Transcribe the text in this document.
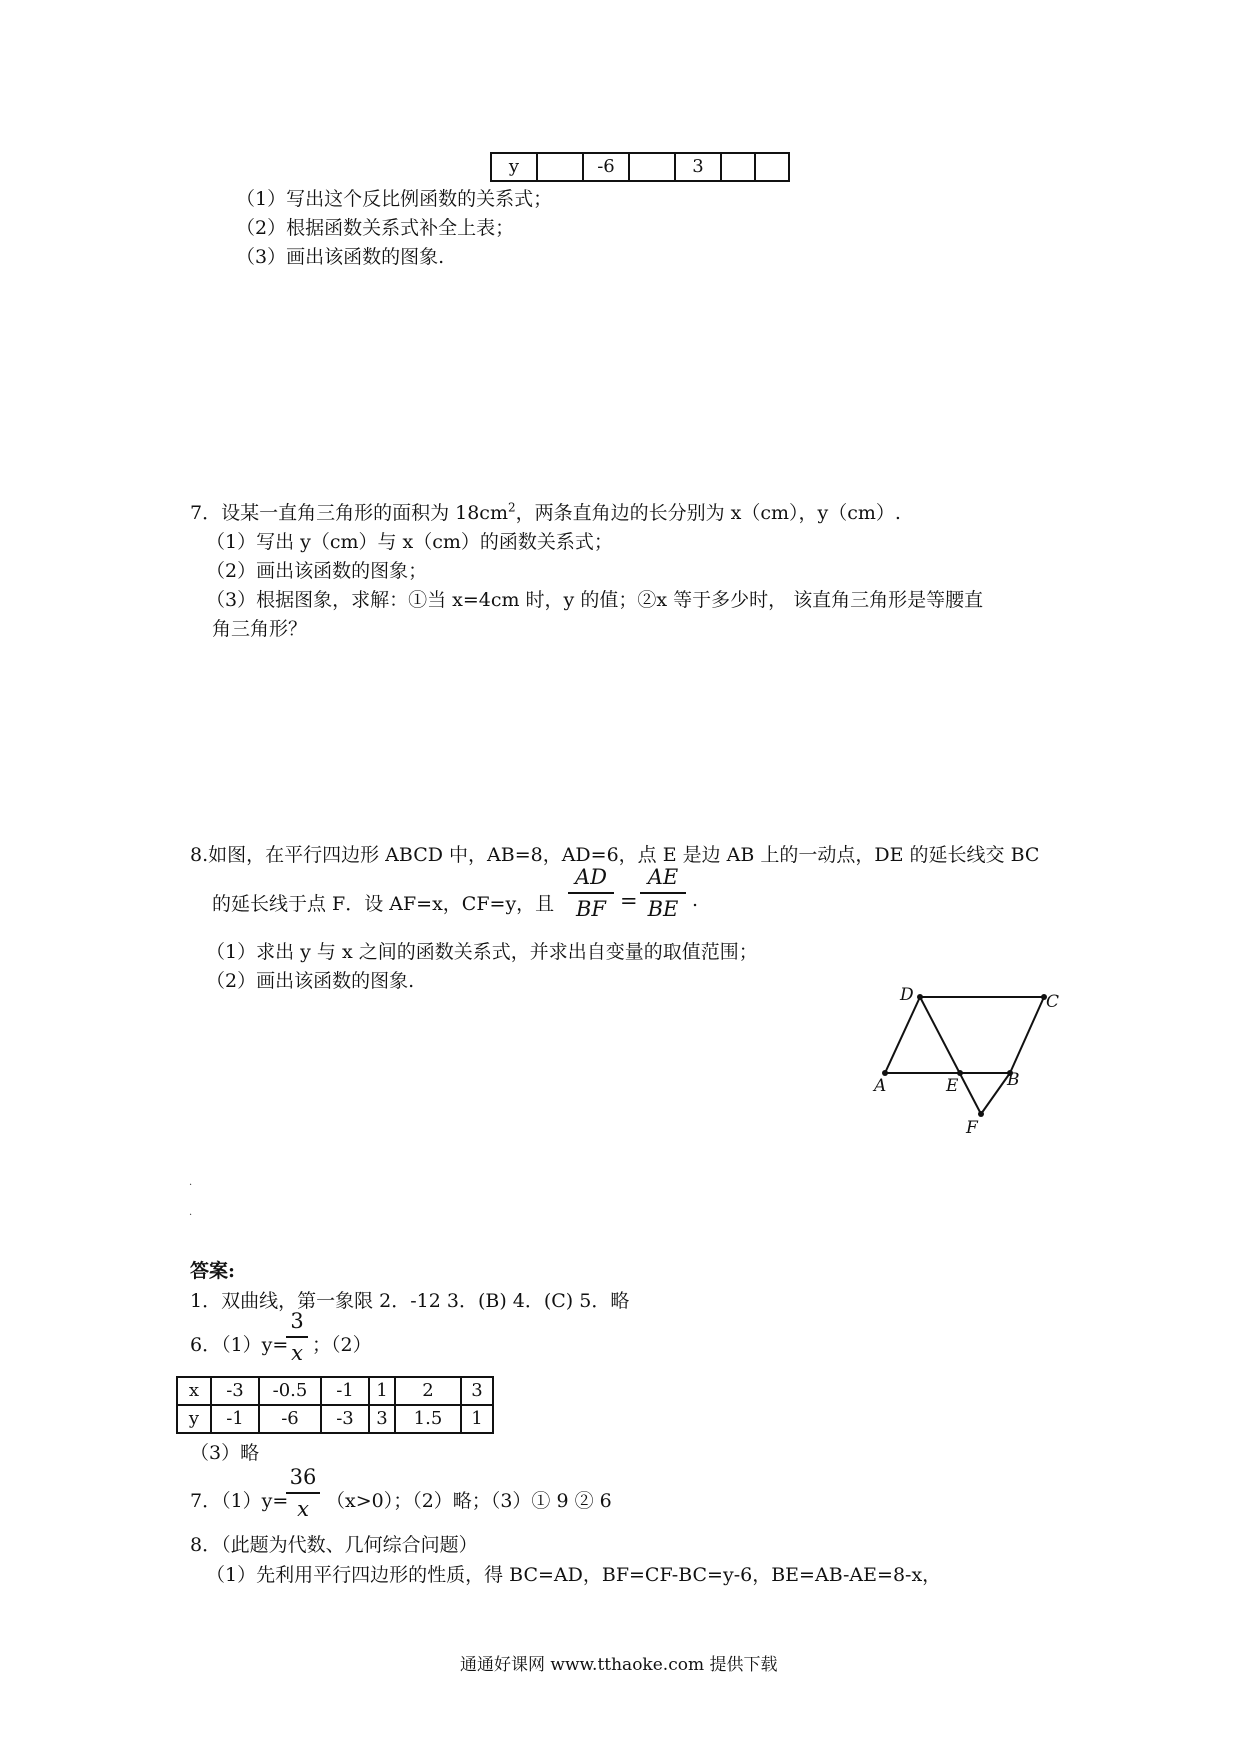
y		-6		3		
（1）写出这个反比例函数的关系式；
（2）根据函数关系式补全上表；
（3）画出该函数的图象.
7．设某一直角三角形的面积为 $18cm^2$，两条直角边的长分别为 x（cm），y（cm）.
（1）写出 y（cm）与 x（cm）的函数关系式；
（2）画出该函数的图象；
（3）根据图象，求解：①当 x=4cm 时，y 的值；②x 等于多少时， 该直角三角形是等腰直
角三角形？
8.如图，在平行四边形 ABCD 中，AB=8，AD=6，点 E 是边 AB 上的一动点，DE 的延长线交 BC
的延长线于点 F．设 AF=x，CF=y，且
AD
BF =
AE
BE .
（1）求出 y 与 x 之间的函数关系式，并求出自变量的取值范围；
（2）画出该函数的图象.
D	C
A	E	B
F
·
·
答案:
1．双曲线，第一象限 2．-12 3．(B) 4．(C) 5．略
6．（1）y=
3
x ；（2）
x	-3	-0.5	-1	1	2	3
y	-1	-6	-3	3	1.5	1
（3）略
7．（1）y=
36
x （x>0）；（2）略；（3）① 9 ② 6
8．（此题为代数、几何综合问题）
（1）先利用平行四边形的性质，得 BC=AD，BF=CF-BC=y-6，BE=AB-AE=8-x，
通通好课网 www.tthaoke.com 提供下载
